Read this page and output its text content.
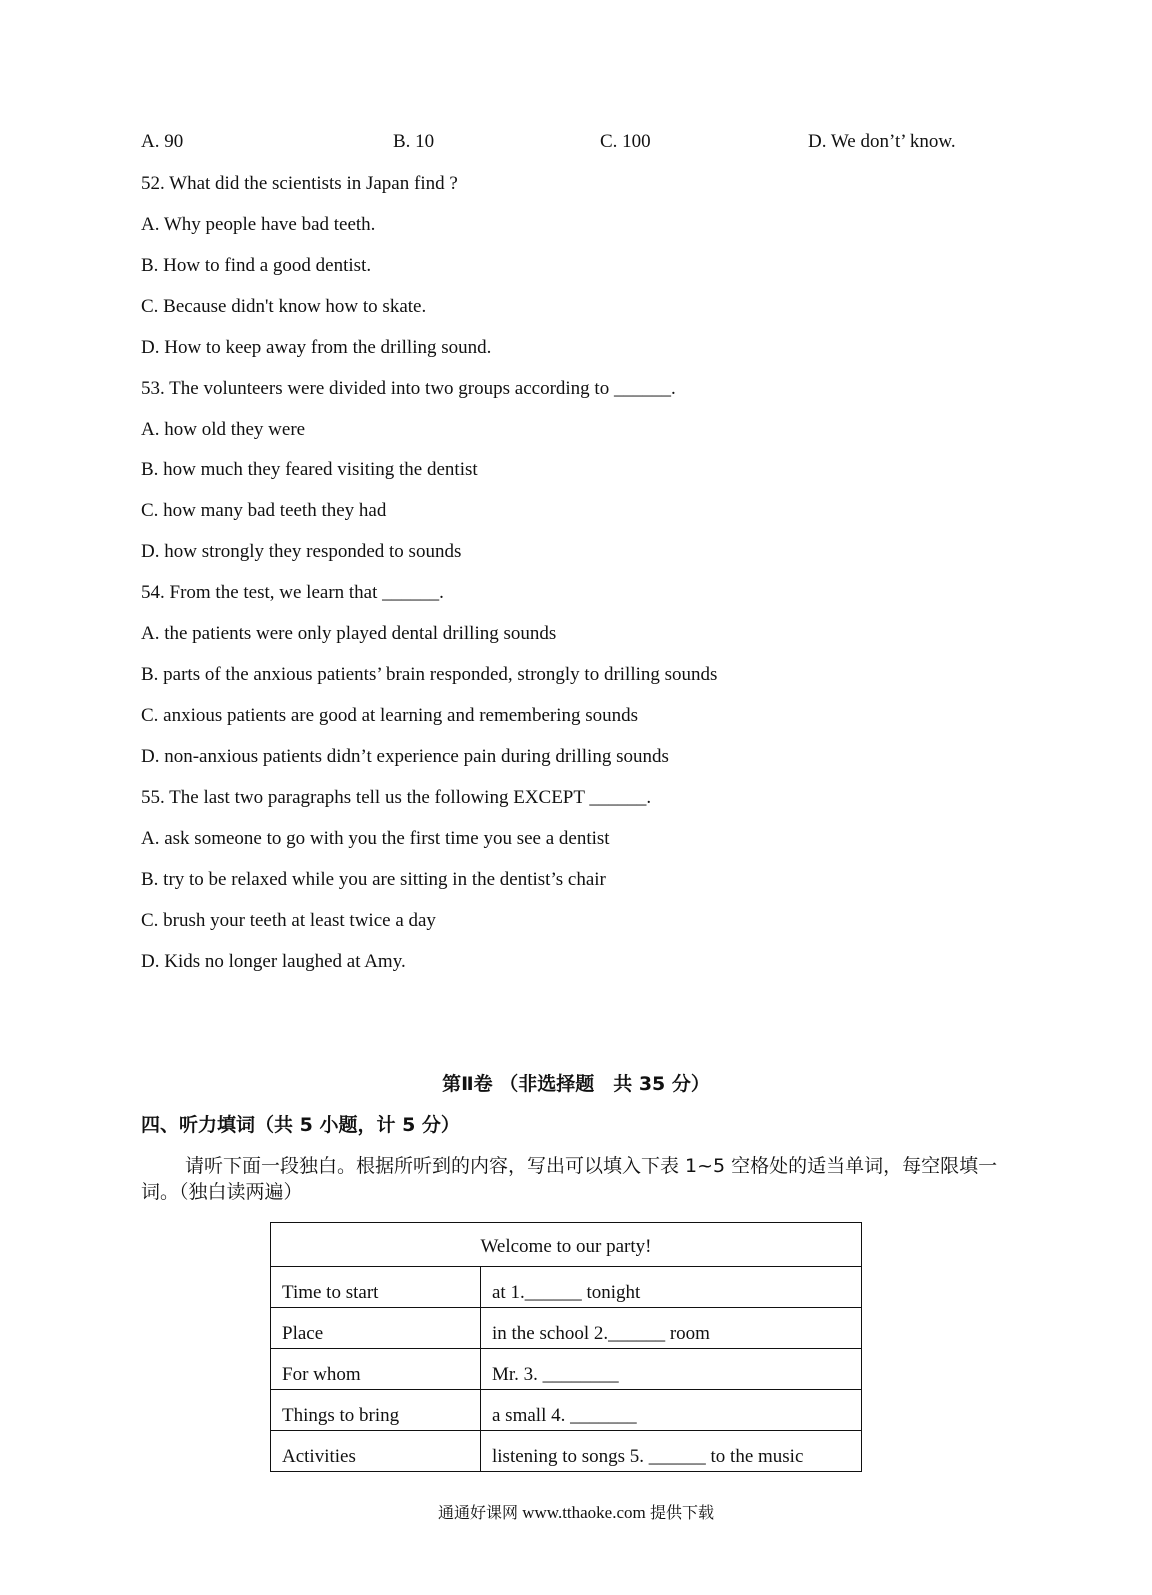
A. 90	B. 10	C. 100	D. We don’t’ know.
52. What did the scientists in Japan find ?
A. Why people have bad teeth.
B. How to find a good dentist.
C. Because didn't know how to skate.
D. How to keep away from the drilling sound.
53. The volunteers were divided into two groups according to ______.
A. how old they were
B. how much they feared visiting the dentist
C. how many bad teeth they had
D. how strongly they responded to sounds
54. From the test, we learn that ______.
A. the patients were only played dental drilling sounds
B. parts of the anxious patients’ brain responded, strongly to drilling sounds
C. anxious patients are good at learning and remembering sounds
D. non-anxious patients didn’t experience pain during drilling sounds
55. The last two paragraphs tell us the following EXCEPT ______.
A. ask someone to go with you the first time you see a dentist
B. try to be relaxed while you are sitting in the dentist’s chair
C. brush your teeth at least twice a day
D. Kids no longer laughed at Amy.
第Ⅱ卷 （非选择题　共 35 分）
四、听力填词（共 5 小题，计 5 分）

请听下面一段独白。根据所听到的内容，写出可以填入下表 1~5 空格处的适当单词，每空限填一词。（独白读两遍）

Welcome to our party!	
Time to start	at 1.______ tonight
Place	in the school 2.______ room
For whom	Mr. 3. ________
Things to bring	a small 4. _______
Activities	listening to songs 5. ______ to the music
通通好课网 www.tthaoke.com 提供下载
